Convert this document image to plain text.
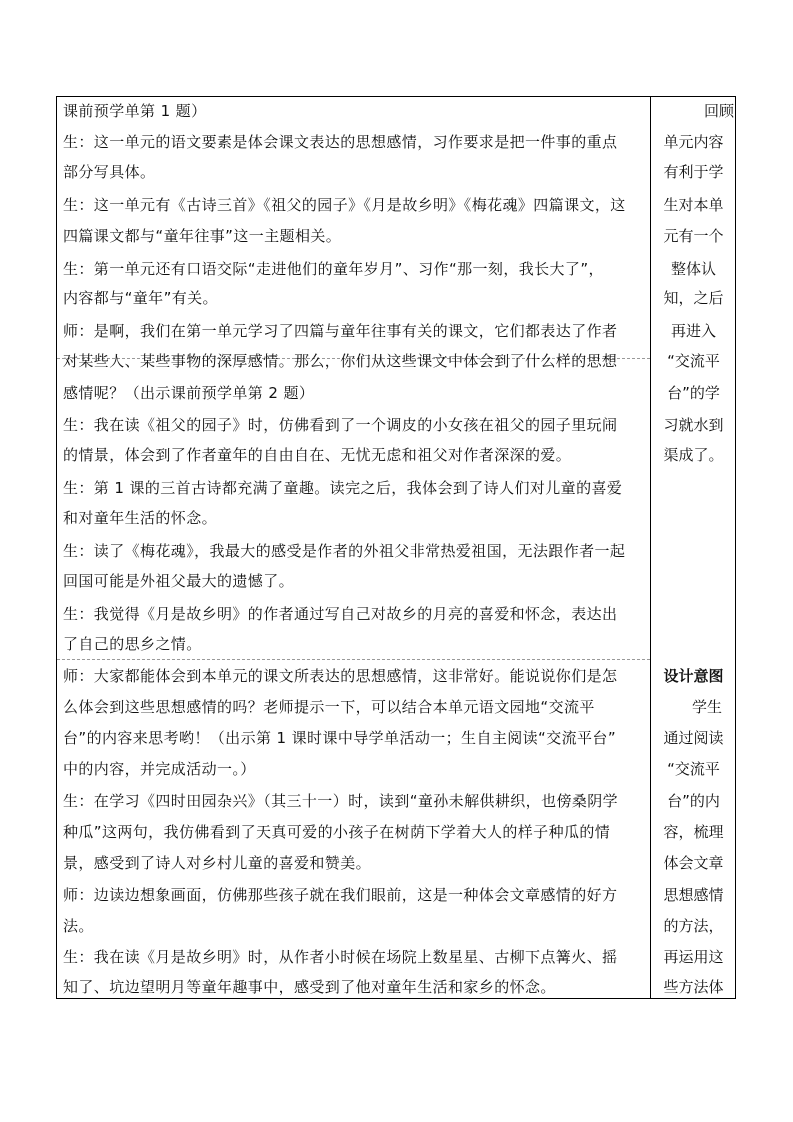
课前预学单第 1 题）
生：这一单元的语文要素是体会课文表达的思想感情，习作要求是把一件事的重点
部分写具体。
生：这一单元有《古诗三首》《祖父的园子》《月是故乡明》《梅花魂》四篇课文，这
四篇课文都与“童年往事”这一主题相关。
生：第一单元还有口语交际“走进他们的童年岁月”、习作“那一刻，我长大了”，
内容都与“童年”有关。
师：是啊，我们在第一单元学习了四篇与童年往事有关的课文，它们都表达了作者
对某些人、某些事物的深厚感情。那么，你们从这些课文中体会到了什么样的思想
感情呢？（出示课前预学单第 2 题）
生：我在读《祖父的园子》时，仿佛看到了一个调皮的小女孩在祖父的园子里玩闹
的情景，体会到了作者童年的自由自在、无忧无虑和祖父对作者深深的爱。
生：第 1 课的三首古诗都充满了童趣。读完之后，我体会到了诗人们对儿童的喜爱
和对童年生活的怀念。
生：读了《梅花魂》，我最大的感受是作者的外祖父非常热爱祖国，无法跟作者一起
回国可能是外祖父最大的遗憾了。
生：我觉得《月是故乡明》的作者通过写自己对故乡的月亮的喜爱和怀念，表达出
了自己的思乡之情。
师：大家都能体会到本单元的课文所表达的思想感情，这非常好。能说说你们是怎
么体会到这些思想感情的吗？老师提示一下，可以结合本单元语文园地“交流平
台”的内容来思考哟！（出示第 1 课时课中导学单活动一；生自主阅读“交流平台”
中的内容，并完成活动一。）
生：在学习《四时田园杂兴》（其三十一）时，读到“童孙未解供耕织，也傍桑阴学
种瓜”这两句，我仿佛看到了天真可爱的小孩子在树荫下学着大人的样子种瓜的情
景，感受到了诗人对乡村儿童的喜爱和赞美。
师：边读边想象画面，仿佛那些孩子就在我们眼前，这是一种体会文章感情的好方
法。
生：我在读《月是故乡明》时，从作者小时候在场院上数星星、古柳下点篝火、摇
知了、坑边望明月等童年趣事中，感受到了他对童年生活和家乡的怀念。
回顾
单元内容
有利于学
生对本单
元有一个
整体认
知，之后
再进入
“交流平
台”的学
习就水到
渠成了。
设计意图
学生
通过阅读
“交流平
台”的内
容，梳理
体会文章
思想感情
的方法，
再运用这
些方法体
